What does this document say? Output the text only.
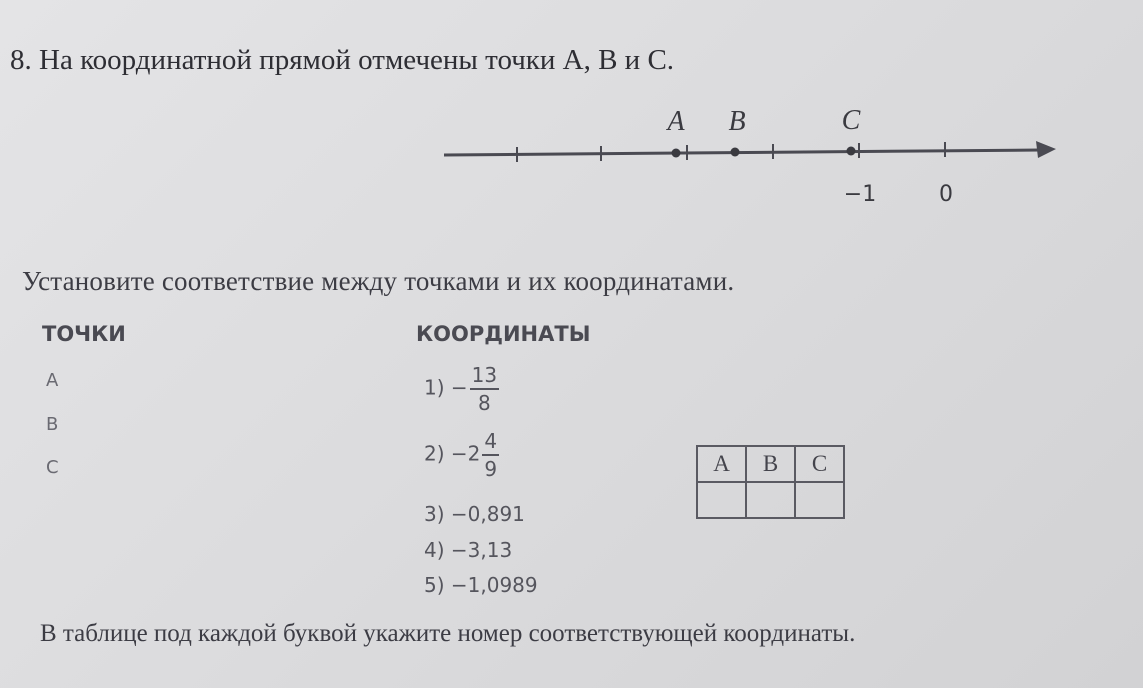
8. На координатной прямой отмечены точки A, B и C.
A B	C
−1	0
Установите соответствие между точками и их координатами.
ТОЧКИ	КООРДИНАТЫ
A
B
C
$1) - \frac{13}{8}$
$2) -2 \frac{4}{9}$
3) −0,891
4) −3,13
5) −1,0989
A	B	C

В таблице под каждой буквой укажите номер соответствующей координаты.
